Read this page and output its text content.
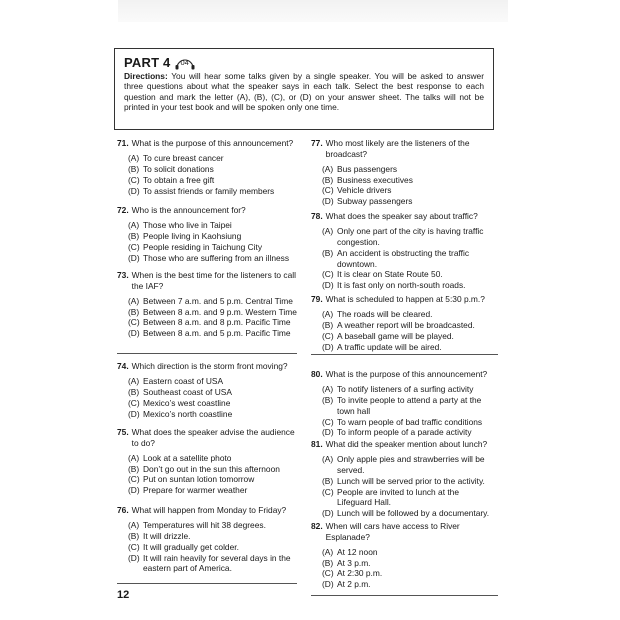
PART 4 04

Directions: You will hear some talks given by a single speaker. You will be asked to answer three questions about what the speaker says in each talk. Select the best response to each question and mark the letter (A), (B), (C), or (D) on your answer sheet. The talks will not be printed in your test book and will be spoken only one time.

71. What is the purpose of this announcement?
(A) To cure breast cancer
(B) To solicit donations
(C) To obtain a free gift
(D) To assist friends or family members
72. Who is the announcement for?
(A) Those who live in Taipei
(B) People living in Kaohsiung
(C) People residing in Taichung City
(D) Those who are suffering from an illness
73. When is the best time for the listeners to call the IAF?
(A) Between 7 a.m. and 5 p.m. Central Time
(B) Between 8 a.m. and 9 p.m. Western Time
(C) Between 8 a.m. and 8 p.m. Pacific Time
(D) Between 8 a.m. and 5 p.m. Pacific Time
74. Which direction is the storm front moving?
(A) Eastern coast of USA
(B) Southeast coast of USA
(C) Mexico’s west coastline
(D) Mexico’s north coastline
75. What does the speaker advise the audience to do?
(A) Look at a satellite photo
(B) Don’t go out in the sun this afternoon
(C) Put on suntan lotion tomorrow
(D) Prepare for warmer weather
76. What will happen from Monday to Friday?
(A) Temperatures will hit 38 degrees.
(B) It will drizzle.
(C) It will gradually get colder.
(D) It will rain heavily for several days in the eastern part of America.
77. Who most likely are the listeners of the broadcast?
(A) Bus passengers
(B) Business executives
(C) Vehicle drivers
(D) Subway passengers
78. What does the speaker say about traffic?
(A) Only one part of the city is having traffic congestion.
(B) An accident is obstructing the traffic downtown.
(C) It is clear on State Route 50.
(D) It is fast only on north-south roads.
79. What is scheduled to happen at 5:30 p.m.?
(A) The roads will be cleared.
(B) A weather report will be broadcasted.
(C) A baseball game will be played.
(D) A traffic update will be aired.
80. What is the purpose of this announcement?
(A) To notify listeners of a surfing activity
(B) To invite people to attend a party at the town hall
(C) To warn people of bad traffic conditions
(D) To inform people of a parade activity
81. What did the speaker mention about lunch?
(A) Only apple pies and strawberries will be served.
(B) Lunch will be served prior to the activity.
(C) People are invited to lunch at the Lifeguard Hall.
(D) Lunch will be followed by a documentary.
82. When will cars have access to River Esplanade?
(A) At 12 noon
(B) At 3 p.m.
(C) At 2:30 p.m.
(D) At 2 p.m.
12
